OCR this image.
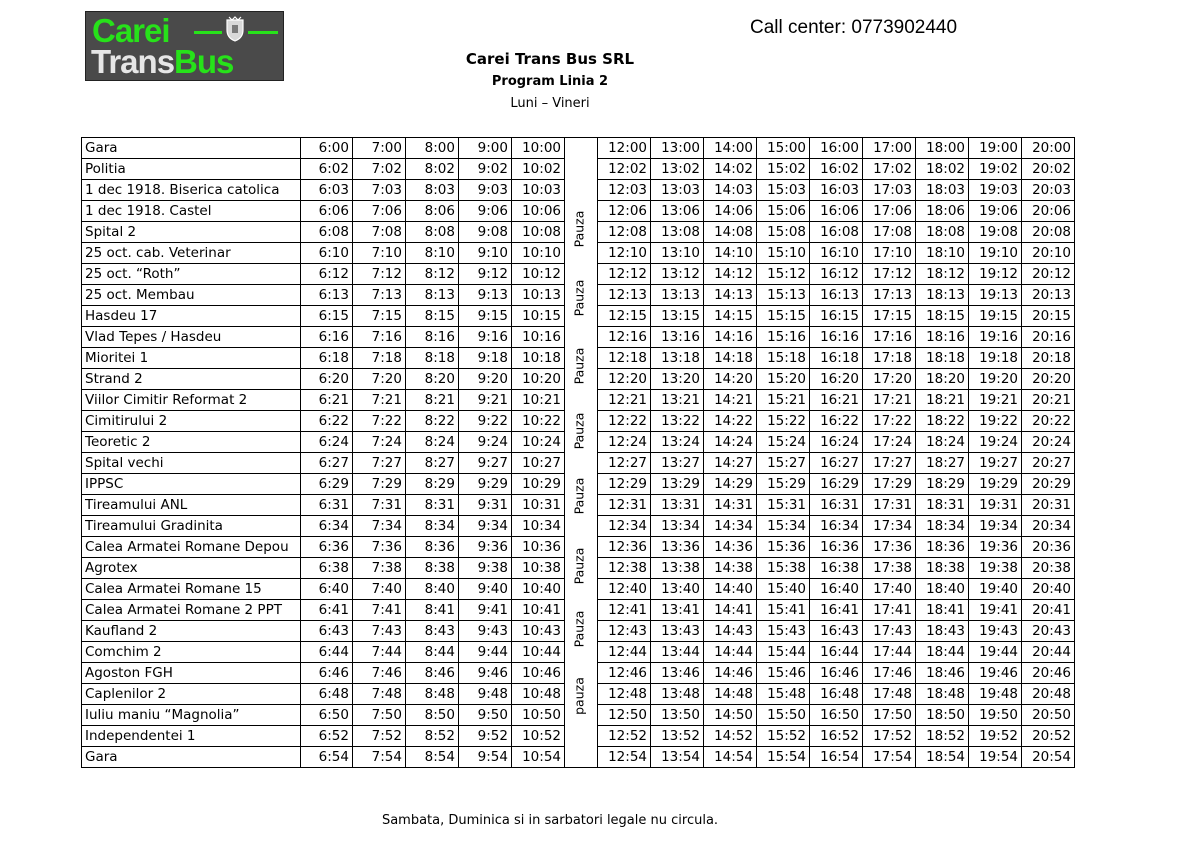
Carei
TransBus
Call center: 0773902440
Carei Trans Bus SRL
Program Linia 2
Luni – Vineri
Gara	6:00	7:00	8:00	9:00	10:00		12:00	13:00	14:00	15:00	16:00	17:00	18:00	19:00	20:00
Politia	6:02	7:02	8:02	9:02	10:02		12:02	13:02	14:02	15:02	16:02	17:02	18:02	19:02	20:02
1 dec 1918. Biserica catolica	6:03	7:03	8:03	9:03	10:03		12:03	13:03	14:03	15:03	16:03	17:03	18:03	19:03	20:03
1 dec 1918. Castel	6:06	7:06	8:06	9:06	10:06		12:06	13:06	14:06	15:06	16:06	17:06	18:06	19:06	20:06
Spital 2	6:08	7:08	8:08	9:08	10:08		12:08	13:08	14:08	15:08	16:08	17:08	18:08	19:08	20:08
25 oct. cab. Veterinar	6:10	7:10	8:10	9:10	10:10		12:10	13:10	14:10	15:10	16:10	17:10	18:10	19:10	20:10
25 oct. “Roth”	6:12	7:12	8:12	9:12	10:12		12:12	13:12	14:12	15:12	16:12	17:12	18:12	19:12	20:12
25 oct. Membau	6:13	7:13	8:13	9:13	10:13		12:13	13:13	14:13	15:13	16:13	17:13	18:13	19:13	20:13
Hasdeu 17	6:15	7:15	8:15	9:15	10:15		12:15	13:15	14:15	15:15	16:15	17:15	18:15	19:15	20:15
Vlad Tepes / Hasdeu	6:16	7:16	8:16	9:16	10:16		12:16	13:16	14:16	15:16	16:16	17:16	18:16	19:16	20:16
Mioritei 1	6:18	7:18	8:18	9:18	10:18		12:18	13:18	14:18	15:18	16:18	17:18	18:18	19:18	20:18
Strand 2	6:20	7:20	8:20	9:20	10:20		12:20	13:20	14:20	15:20	16:20	17:20	18:20	19:20	20:20
Viilor Cimitir Reformat 2	6:21	7:21	8:21	9:21	10:21		12:21	13:21	14:21	15:21	16:21	17:21	18:21	19:21	20:21
Cimitirului 2	6:22	7:22	8:22	9:22	10:22		12:22	13:22	14:22	15:22	16:22	17:22	18:22	19:22	20:22
Teoretic 2	6:24	7:24	8:24	9:24	10:24		12:24	13:24	14:24	15:24	16:24	17:24	18:24	19:24	20:24
Spital vechi	6:27	7:27	8:27	9:27	10:27		12:27	13:27	14:27	15:27	16:27	17:27	18:27	19:27	20:27
IPPSC	6:29	7:29	8:29	9:29	10:29		12:29	13:29	14:29	15:29	16:29	17:29	18:29	19:29	20:29
Tireamului ANL	6:31	7:31	8:31	9:31	10:31		12:31	13:31	14:31	15:31	16:31	17:31	18:31	19:31	20:31
Tireamului Gradinita	6:34	7:34	8:34	9:34	10:34		12:34	13:34	14:34	15:34	16:34	17:34	18:34	19:34	20:34
Calea Armatei Romane Depou	6:36	7:36	8:36	9:36	10:36		12:36	13:36	14:36	15:36	16:36	17:36	18:36	19:36	20:36
Agrotex	6:38	7:38	8:38	9:38	10:38		12:38	13:38	14:38	15:38	16:38	17:38	18:38	19:38	20:38
Calea Armatei Romane 15	6:40	7:40	8:40	9:40	10:40		12:40	13:40	14:40	15:40	16:40	17:40	18:40	19:40	20:40
Calea Armatei Romane 2 PPT	6:41	7:41	8:41	9:41	10:41		12:41	13:41	14:41	15:41	16:41	17:41	18:41	19:41	20:41
Kaufland 2	6:43	7:43	8:43	9:43	10:43		12:43	13:43	14:43	15:43	16:43	17:43	18:43	19:43	20:43
Comchim 2	6:44	7:44	8:44	9:44	10:44		12:44	13:44	14:44	15:44	16:44	17:44	18:44	19:44	20:44
Agoston FGH	6:46	7:46	8:46	9:46	10:46		12:46	13:46	14:46	15:46	16:46	17:46	18:46	19:46	20:46
Caplenilor 2	6:48	7:48	8:48	9:48	10:48		12:48	13:48	14:48	15:48	16:48	17:48	18:48	19:48	20:48
Iuliu maniu “Magnolia”	6:50	7:50	8:50	9:50	10:50		12:50	13:50	14:50	15:50	16:50	17:50	18:50	19:50	20:50
Independentei 1	6:52	7:52	8:52	9:52	10:52		12:52	13:52	14:52	15:52	16:52	17:52	18:52	19:52	20:52
Gara	6:54	7:54	8:54	9:54	10:54		12:54	13:54	14:54	15:54	16:54	17:54	18:54	19:54	20:54
Pauza
Pauza
Pauza
Pauza
Pauza
Pauza
Pauza
pauza
Sambata, Duminica si in sarbatori legale nu circula.
